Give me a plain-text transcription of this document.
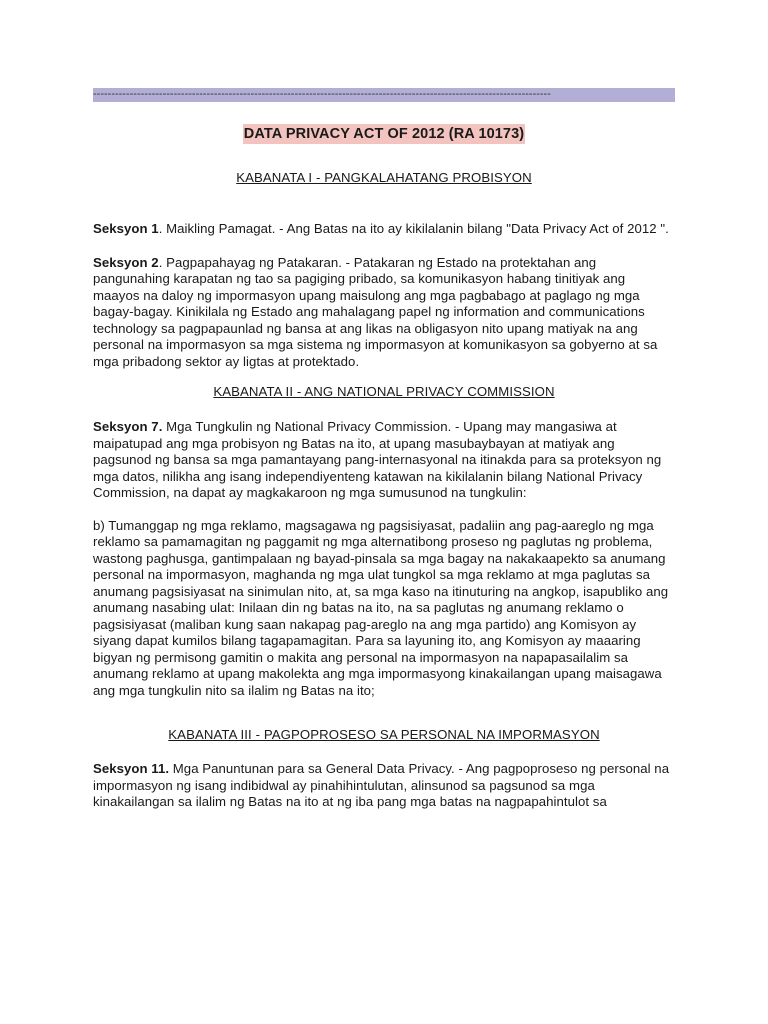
-----------------------------------------------------------------------------------------------------------------------------
DATA PRIVACY ACT OF 2012 (RA 10173)
KABANATA I - PANGKALAHATANG PROBISYON

Seksyon 1. Maikling Pamagat. - Ang Batas na ito ay kikilalanin bilang "Data Privacy Act of 2012 ".

Seksyon 2. Pagpapahayag ng Patakaran. - Patakaran ng Estado na protektahan ang pangunahing karapatan ng tao sa pagiging pribado, sa komunikasyon habang tinitiyak ang maayos na daloy ng impormasyon upang maisulong ang mga pagbabago at paglago ng mga bagay-bagay. Kinikilala ng Estado ang mahalagang papel ng information and communications technology sa pagpapaunlad ng bansa at ang likas na obligasyon nito upang matiyak na ang personal na impormasyon sa mga sistema ng impormasyon at komunikasyon sa gobyerno at sa mga pribadong sektor ay ligtas at protektado.

KABANATA II - ANG NATIONAL PRIVACY COMMISSION

Seksyon 7. Mga Tungkulin ng National Privacy Commission. - Upang may mangasiwa at maipatupad ang mga probisyon ng Batas na ito, at upang masubaybayan at matiyak ang pagsunod ng bansa sa mga pamantayang pang-internasyonal na itinakda para sa proteksyon ng mga datos, nilikha ang isang independiyenteng katawan na kikilalanin bilang National Privacy Commission, na dapat ay magkakaroon ng mga sumusunod na tungkulin:

b) Tumanggap ng mga reklamo, magsagawa ng pagsisiyasat, padaliin ang pag-aareglo ng mga reklamo sa pamamagitan ng paggamit ng mga alternatibong proseso ng paglutas ng problema, wastong paghusga, gantimpalaan ng bayad-pinsala sa mga bagay na nakakaapekto sa anumang personal na impormasyon, maghanda ng mga ulat tungkol sa mga reklamo at mga paglutas sa anumang pagsisiyasat na sinimulan nito, at, sa mga kaso na itinuturing na angkop, isapubliko ang anumang nasabing ulat: Inilaan din ng batas na ito, na sa paglutas ng anumang reklamo o pagsisiyasat (maliban kung saan nakapag pag-areglo na ang mga partido) ang Komisyon ay siyang dapat kumilos bilang tagapamagitan. Para sa layuning ito, ang Komisyon ay maaaring bigyan ng permisong gamitin o makita ang personal na impormasyon na napapasailalim sa anumang reklamo at upang makolekta ang mga impormasyong kinakailangan upang maisagawa ang mga tungkulin nito sa ilalim ng Batas na ito;

KABANATA III - PAGPOPROSESO SA PERSONAL NA IMPORMASYON

Seksyon 11. Mga Panuntunan para sa General Data Privacy. - Ang pagpoproseso ng personal na impormasyon ng isang indibidwal ay pinahihintulutan, alinsunod sa pagsunod sa mga kinakailangan sa ilalim ng Batas na ito at ng iba pang mga batas na nagpapahintulot sa
